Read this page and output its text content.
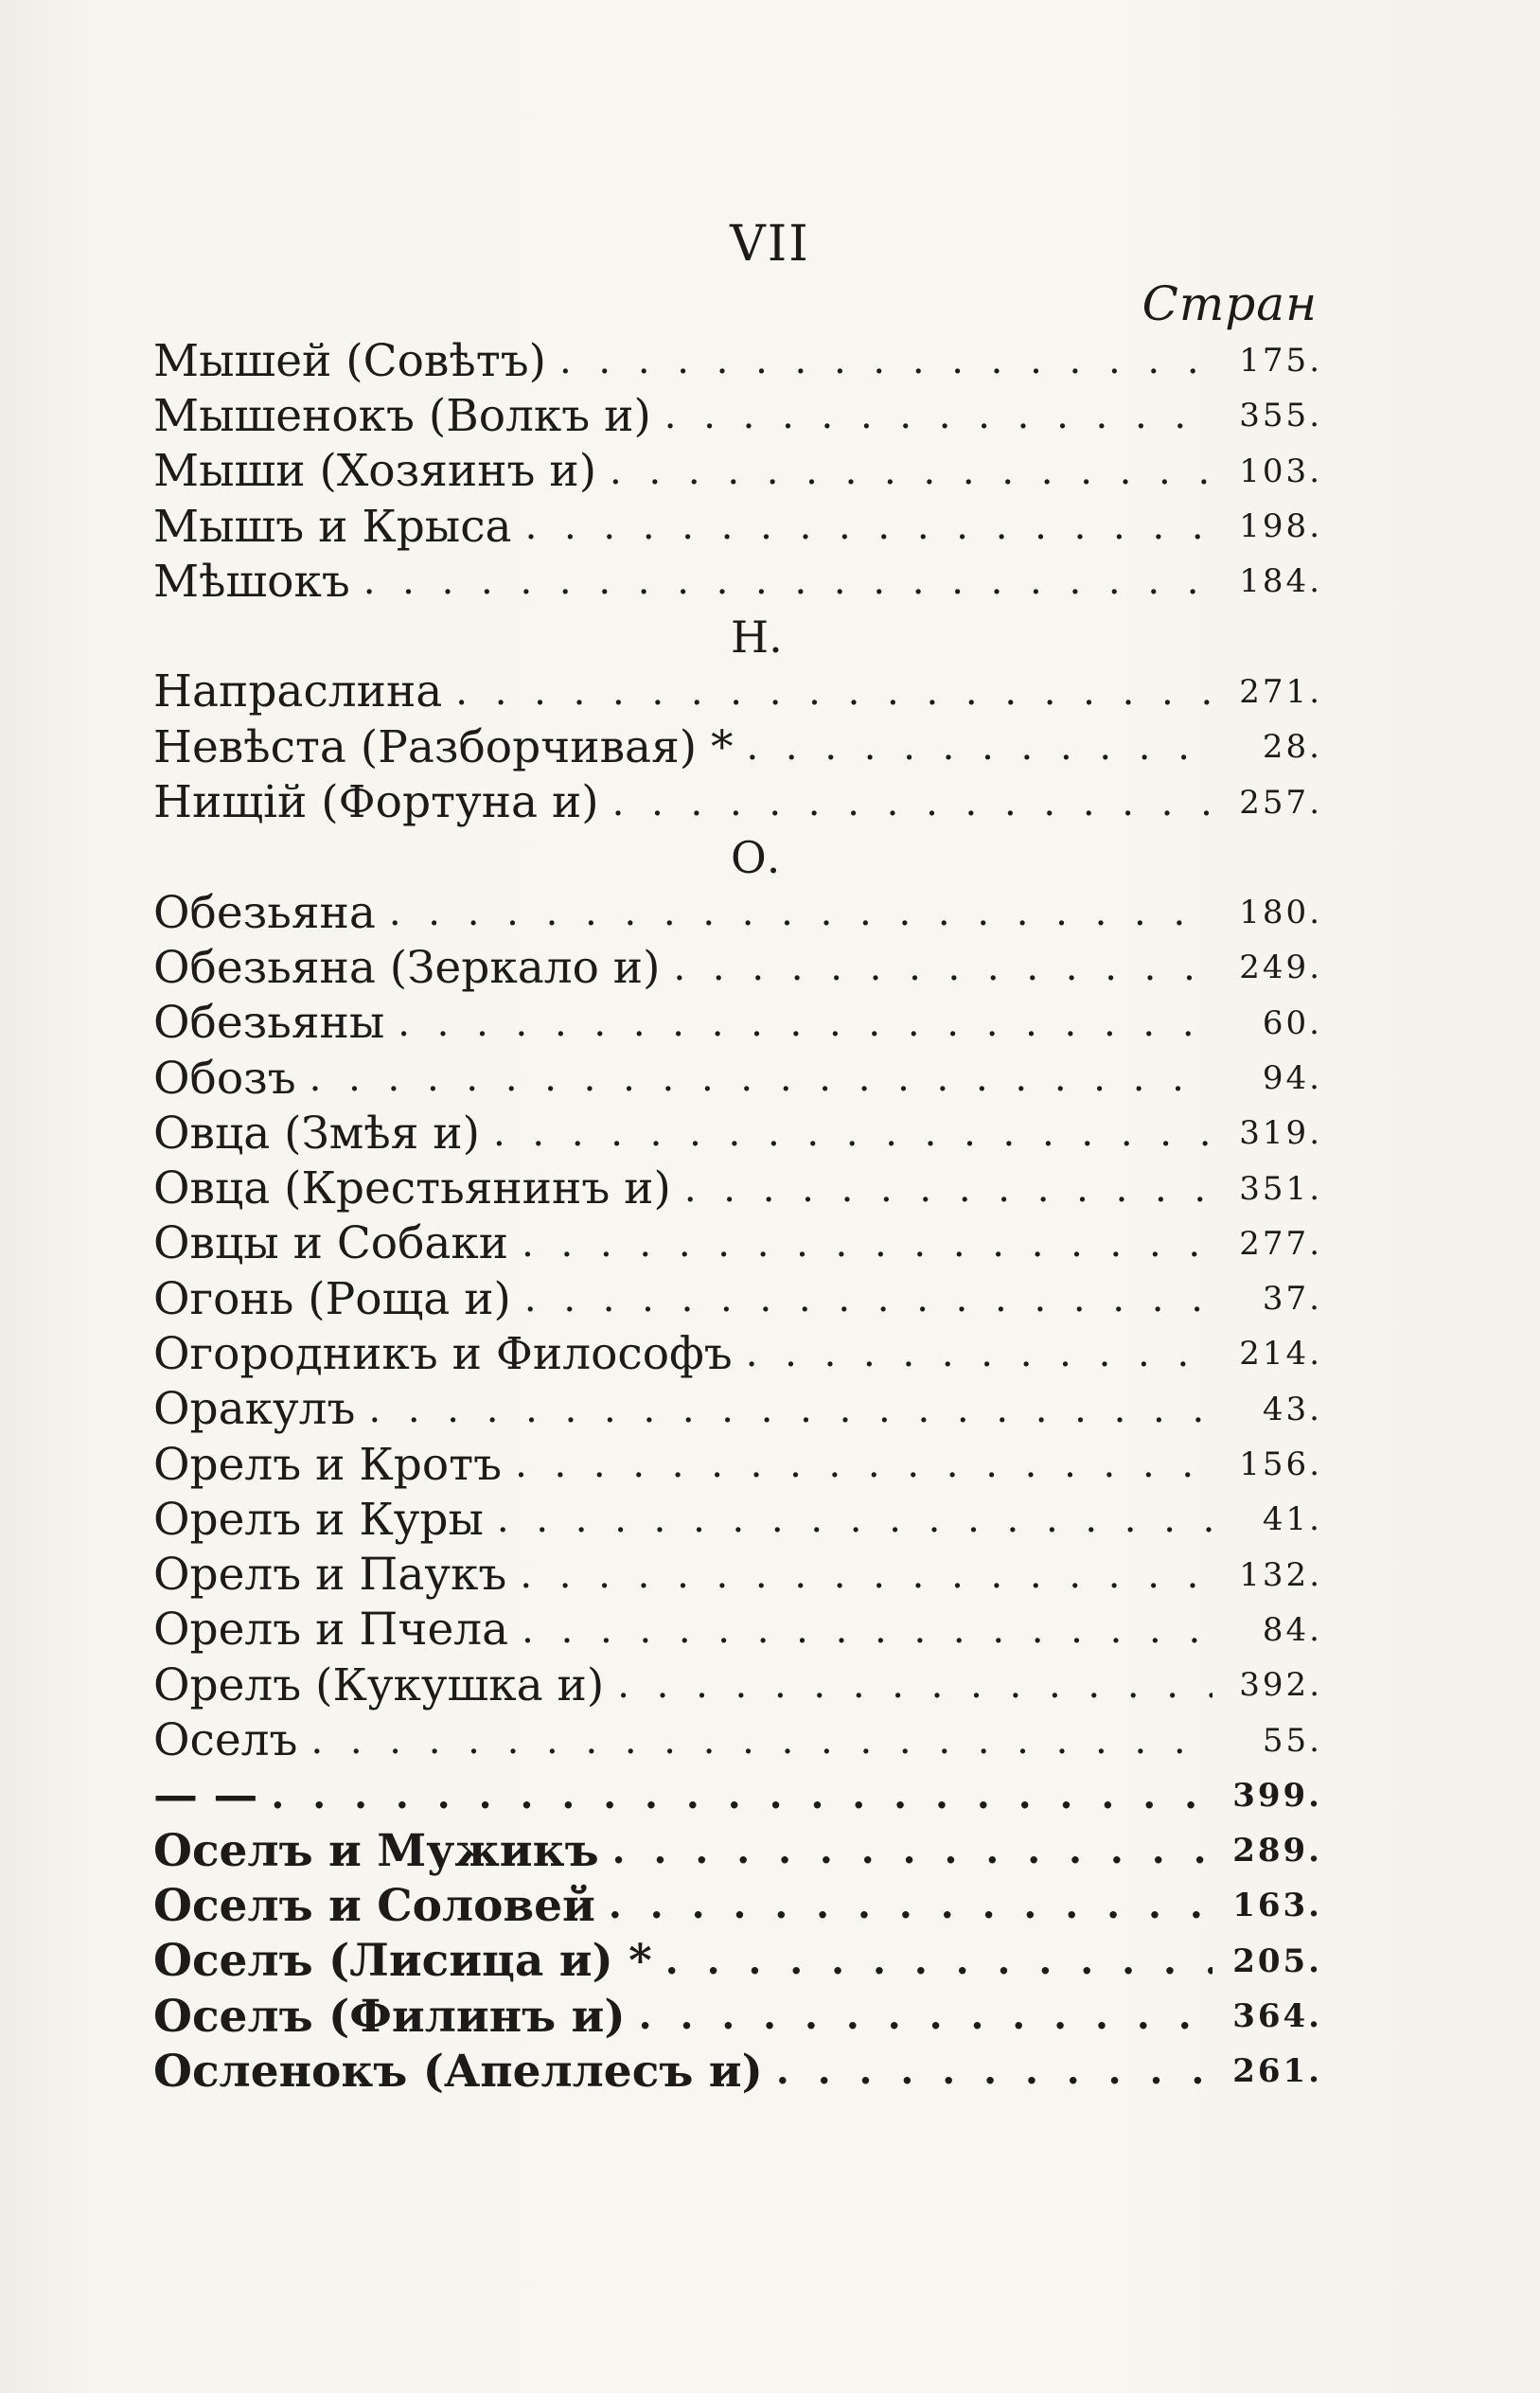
VII
Стран
Мышей (Совѣтъ) . . .	175.
Мышенокъ (Волкъ и) . . .	355.
Мыши (Хозяинъ и) . . .	103.
Мышъ и Крыса . . .	198.
Мѣшокъ . . .	184.
Н.
Напраслина . . .	271.
Невѣста (Разборчивая) * . . .	28.
Нищій (Фортуна и) . . .	257.
О.
Обезьяна . . .	180.
Обезьяна (Зеркало и) . . .	249.
Обезьяны . . .	60.
Обозъ . . .	94.
Овца (Змѣя и) . . .	319.
Овца (Крестьянинъ и) . . .	351.
Овцы и Собаки . . .	277.
Огонь (Роща и) . . .	37.
Огородникъ и Философъ . . .	214.
Оракулъ . . .	43.
Орелъ и Кротъ . . .	156.
Орелъ и Куры . . .	41.
Орелъ и Паукъ . . .	132.
Орелъ и Пчела . . .	84.
Орелъ (Кукушка и) . . .	392.
Оселъ . . .	55.
— — . . .	399.
Оселъ и Мужикъ . . .	289.
Оселъ и Соловей . . .	163.
Оселъ (Лисица и) * . . .	205.
Оселъ (Филинъ и) . . .	364.
Осленокъ (Апеллесъ и) . . .	261.
